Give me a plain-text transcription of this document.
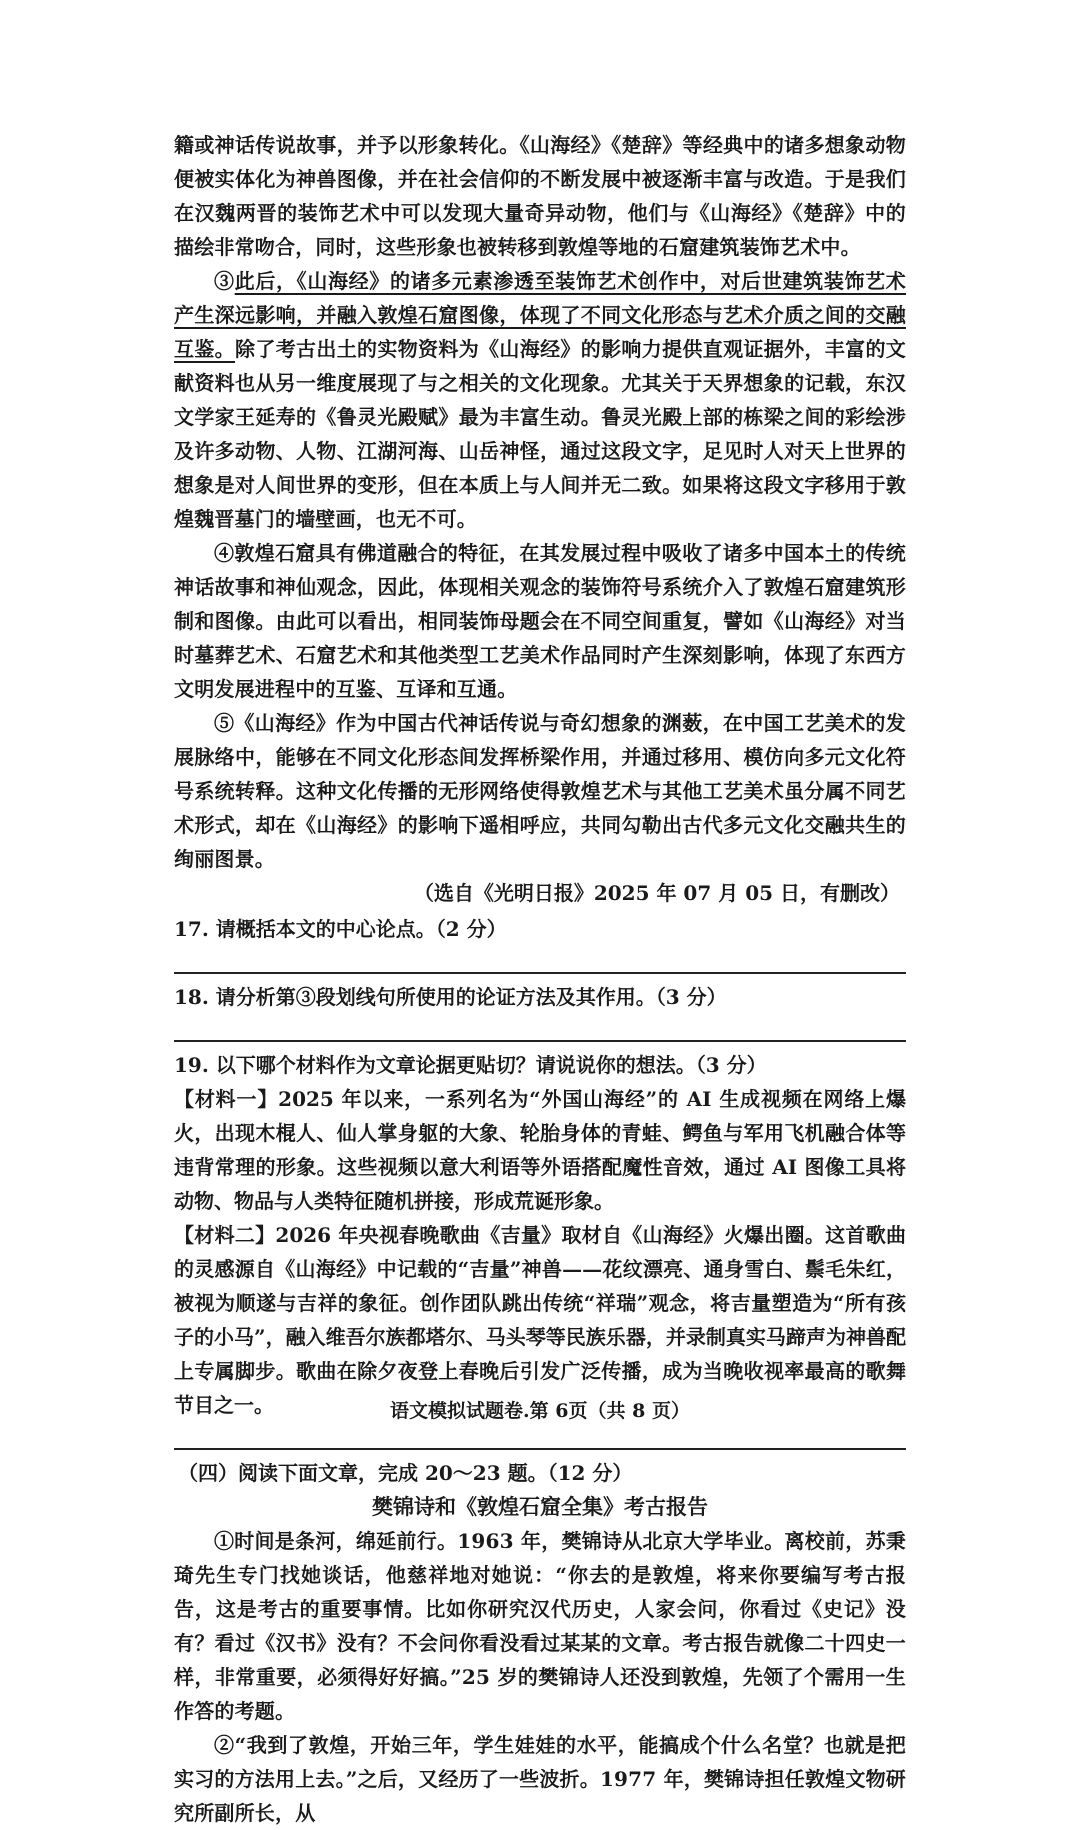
籍或神话传说故事，并予以形象转化。《山海经》《楚辞》等经典中的诸多想象动物便被实体化为神兽图像，并在社会信仰的不断发展中被逐渐丰富与改造。于是我们在汉魏两晋的装饰艺术中可以发现大量奇异动物，他们与《山海经》《楚辞》中的描绘非常吻合，同时，这些形象也被转移到敦煌等地的石窟建筑装饰艺术中。

③此后，《山海经》的诸多元素渗透至装饰艺术创作中，对后世建筑装饰艺术产生深远影响，并融入敦煌石窟图像，体现了不同文化形态与艺术介质之间的交融互鉴。除了考古出土的实物资料为《山海经》的影响力提供直观证据外，丰富的文献资料也从另一维度展现了与之相关的文化现象。尤其关于天界想象的记载，东汉文学家王延寿的《鲁灵光殿赋》最为丰富生动。鲁灵光殿上部的栋梁之间的彩绘涉及许多动物、人物、江湖河海、山岳神怪，通过这段文字，足见时人对天上世界的想象是对人间世界的变形，但在本质上与人间并无二致。如果将这段文字移用于敦煌魏晋墓门的墙壁画，也无不可。

④敦煌石窟具有佛道融合的特征，在其发展过程中吸收了诸多中国本土的传统神话故事和神仙观念，因此，体现相关观念的装饰符号系统介入了敦煌石窟建筑形制和图像。由此可以看出，相同装饰母题会在不同空间重复，譬如《山海经》对当时墓葬艺术、石窟艺术和其他类型工艺美术作品同时产生深刻影响，体现了东西方文明发展进程中的互鉴、互译和互通。

⑤《山海经》作为中国古代神话传说与奇幻想象的渊薮，在中国工艺美术的发展脉络中，能够在不同文化形态间发挥桥梁作用，并通过移用、模仿向多元文化符号系统转释。这种文化传播的无形网络使得敦煌艺术与其他工艺美术虽分属不同艺术形式，却在《山海经》的影响下遥相呼应，共同勾勒出古代多元文化交融共生的绚丽图景。

（选自《光明日报》2025 年 07 月 05 日，有删改）

17. 请概括本文的中心论点。（2 分）

18. 请分析第③段划线句所使用的论证方法及其作用。（3 分）

19. 以下哪个材料作为文章论据更贴切？请说说你的想法。（3 分）

【材料一】2025 年以来，一系列名为“外国山海经”的 AI 生成视频在网络上爆火，出现木棍人、仙人掌身躯的大象、轮胎身体的青蛙、鳄鱼与军用飞机融合体等违背常理的形象。这些视频以意大利语等外语搭配魔性音效，通过 AI 图像工具将动物、物品与人类特征随机拼接，形成荒诞形象。

【材料二】2026 年央视春晚歌曲《吉量》取材自《山海经》火爆出圈。这首歌曲的灵感源自《山海经》中记载的“吉量”神兽——花纹漂亮、通身雪白、鬃毛朱红，被视为顺遂与吉祥的象征。创作团队跳出传统“祥瑞”观念，将吉量塑造为“所有孩子的小马”，融入维吾尔族都塔尔、马头琴等民族乐器，并录制真实马蹄声为神兽配上专属脚步。歌曲在除夕夜登上春晚后引发广泛传播，成为当晚收视率最高的歌舞节目之一。

（四）阅读下面文章，完成 20～23 题。（12 分）

樊锦诗和《敦煌石窟全集》考古报告

①时间是条河，绵延前行。1963 年，樊锦诗从北京大学毕业。离校前，苏秉琦先生专门找她谈话，他慈祥地对她说：“你去的是敦煌，将来你要编写考古报告，这是考古的重要事情。比如你研究汉代历史，人家会问，你看过《史记》没有？看过《汉书》没有？不会问你看没看过某某的文章。考古报告就像二十四史一样，非常重要，必须得好好搞。”25 岁的樊锦诗人还没到敦煌，先领了个需用一生作答的考题。

②“我到了敦煌，开始三年，学生娃娃的水平，能搞成个什么名堂？也就是把实习的方法用上去。”之后，又经历了一些波折。1977 年，樊锦诗担任敦煌文物研究所副所长，从

语文模拟试题卷.第 6页（共 8 页）
